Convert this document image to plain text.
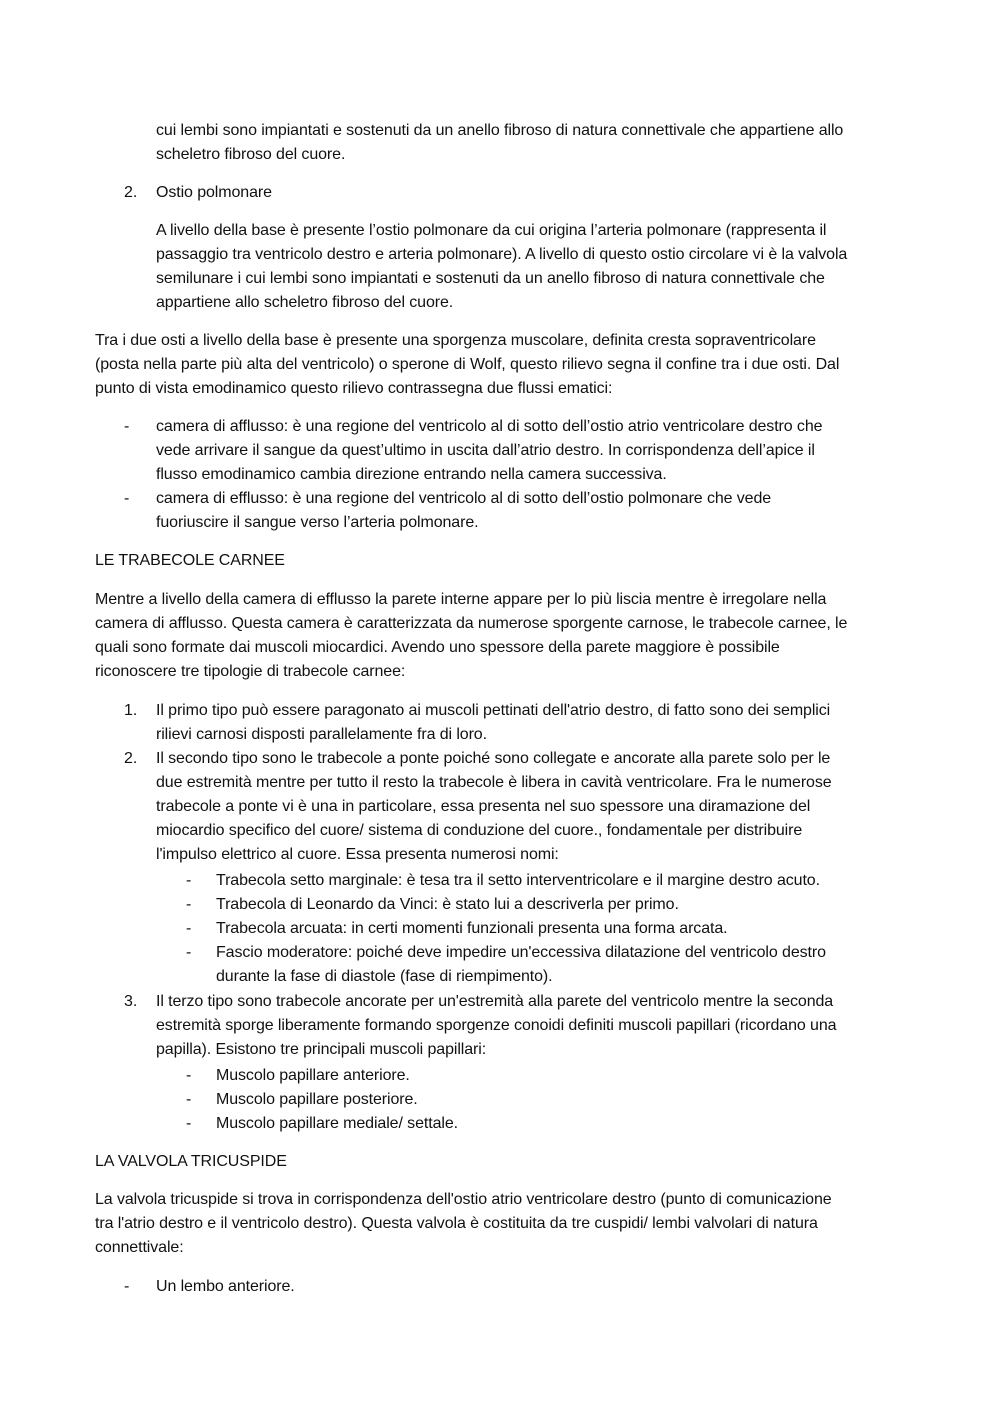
cui lembi sono impiantati e sostenuti da un anello fibroso di natura connettivale che appartiene allo
scheletro fibroso del cuore.
2. Ostio polmonare
A livello della base è presente l’ostio polmonare da cui origina l’arteria polmonare (rappresenta il
passaggio tra ventricolo destro e arteria polmonare). A livello di questo ostio circolare vi è la valvola
semilunare i cui lembi sono impiantati e sostenuti da un anello fibroso di natura connettivale che
appartiene allo scheletro fibroso del cuore.
Tra i due osti a livello della base è presente una sporgenza muscolare, definita cresta sopraventricolare
(posta nella parte più alta del ventricolo) o sperone di Wolf, questo rilievo segna il confine tra i due osti. Dal
punto di vista emodinamico questo rilievo contrassegna due flussi ematici:
- camera di afflusso: è una regione del ventricolo al di sotto dell’ostio atrio ventricolare destro che
vede arrivare il sangue da quest’ultimo in uscita dall’atrio destro. In corrispondenza dell’apice il
flusso emodinamico cambia direzione entrando nella camera successiva.
- camera di efflusso: è una regione del ventricolo al di sotto dell’ostio polmonare che vede
fuoriuscire il sangue verso l’arteria polmonare.
LE TRABECOLE CARNEE
Mentre a livello della camera di efflusso la parete interne appare per lo più liscia mentre è irregolare nella
camera di afflusso. Questa camera è caratterizzata da numerose sporgente carnose, le trabecole carnee, le
quali sono formate dai muscoli miocardici. Avendo uno spessore della parete maggiore è possibile
riconoscere tre tipologie di trabecole carnee:
1. Il primo tipo può essere paragonato ai muscoli pettinati dell'atrio destro, di fatto sono dei semplici
rilievi carnosi disposti parallelamente fra di loro.
2. Il secondo tipo sono le trabecole a ponte poiché sono collegate e ancorate alla parete solo per le
due estremità mentre per tutto il resto la trabecole è libera in cavità ventricolare. Fra le numerose
trabecole a ponte vi è una in particolare, essa presenta nel suo spessore una diramazione del
miocardio specifico del cuore/ sistema di conduzione del cuore., fondamentale per distribuire
l'impulso elettrico al cuore. Essa presenta numerosi nomi:
- Trabecola setto marginale: è tesa tra il setto interventricolare e il margine destro acuto.
- Trabecola di Leonardo da Vinci: è stato lui a descriverla per primo.
- Trabecola arcuata: in certi momenti funzionali presenta una forma arcata.
- Fascio moderatore: poiché deve impedire un'eccessiva dilatazione del ventricolo destro
durante la fase di diastole (fase di riempimento).
3. Il terzo tipo sono trabecole ancorate per un'estremità alla parete del ventricolo mentre la seconda
estremità sporge liberamente formando sporgenze conoidi definiti muscoli papillari (ricordano una
papilla). Esistono tre principali muscoli papillari:
- Muscolo papillare anteriore.
- Muscolo papillare posteriore.
- Muscolo papillare mediale/ settale.
LA VALVOLA TRICUSPIDE
La valvola tricuspide si trova in corrispondenza dell'ostio atrio ventricolare destro (punto di comunicazione
tra l'atrio destro e il ventricolo destro). Questa valvola è costituita da tre cuspidi/ lembi valvolari di natura
connettivale:
- Un lembo anteriore.
